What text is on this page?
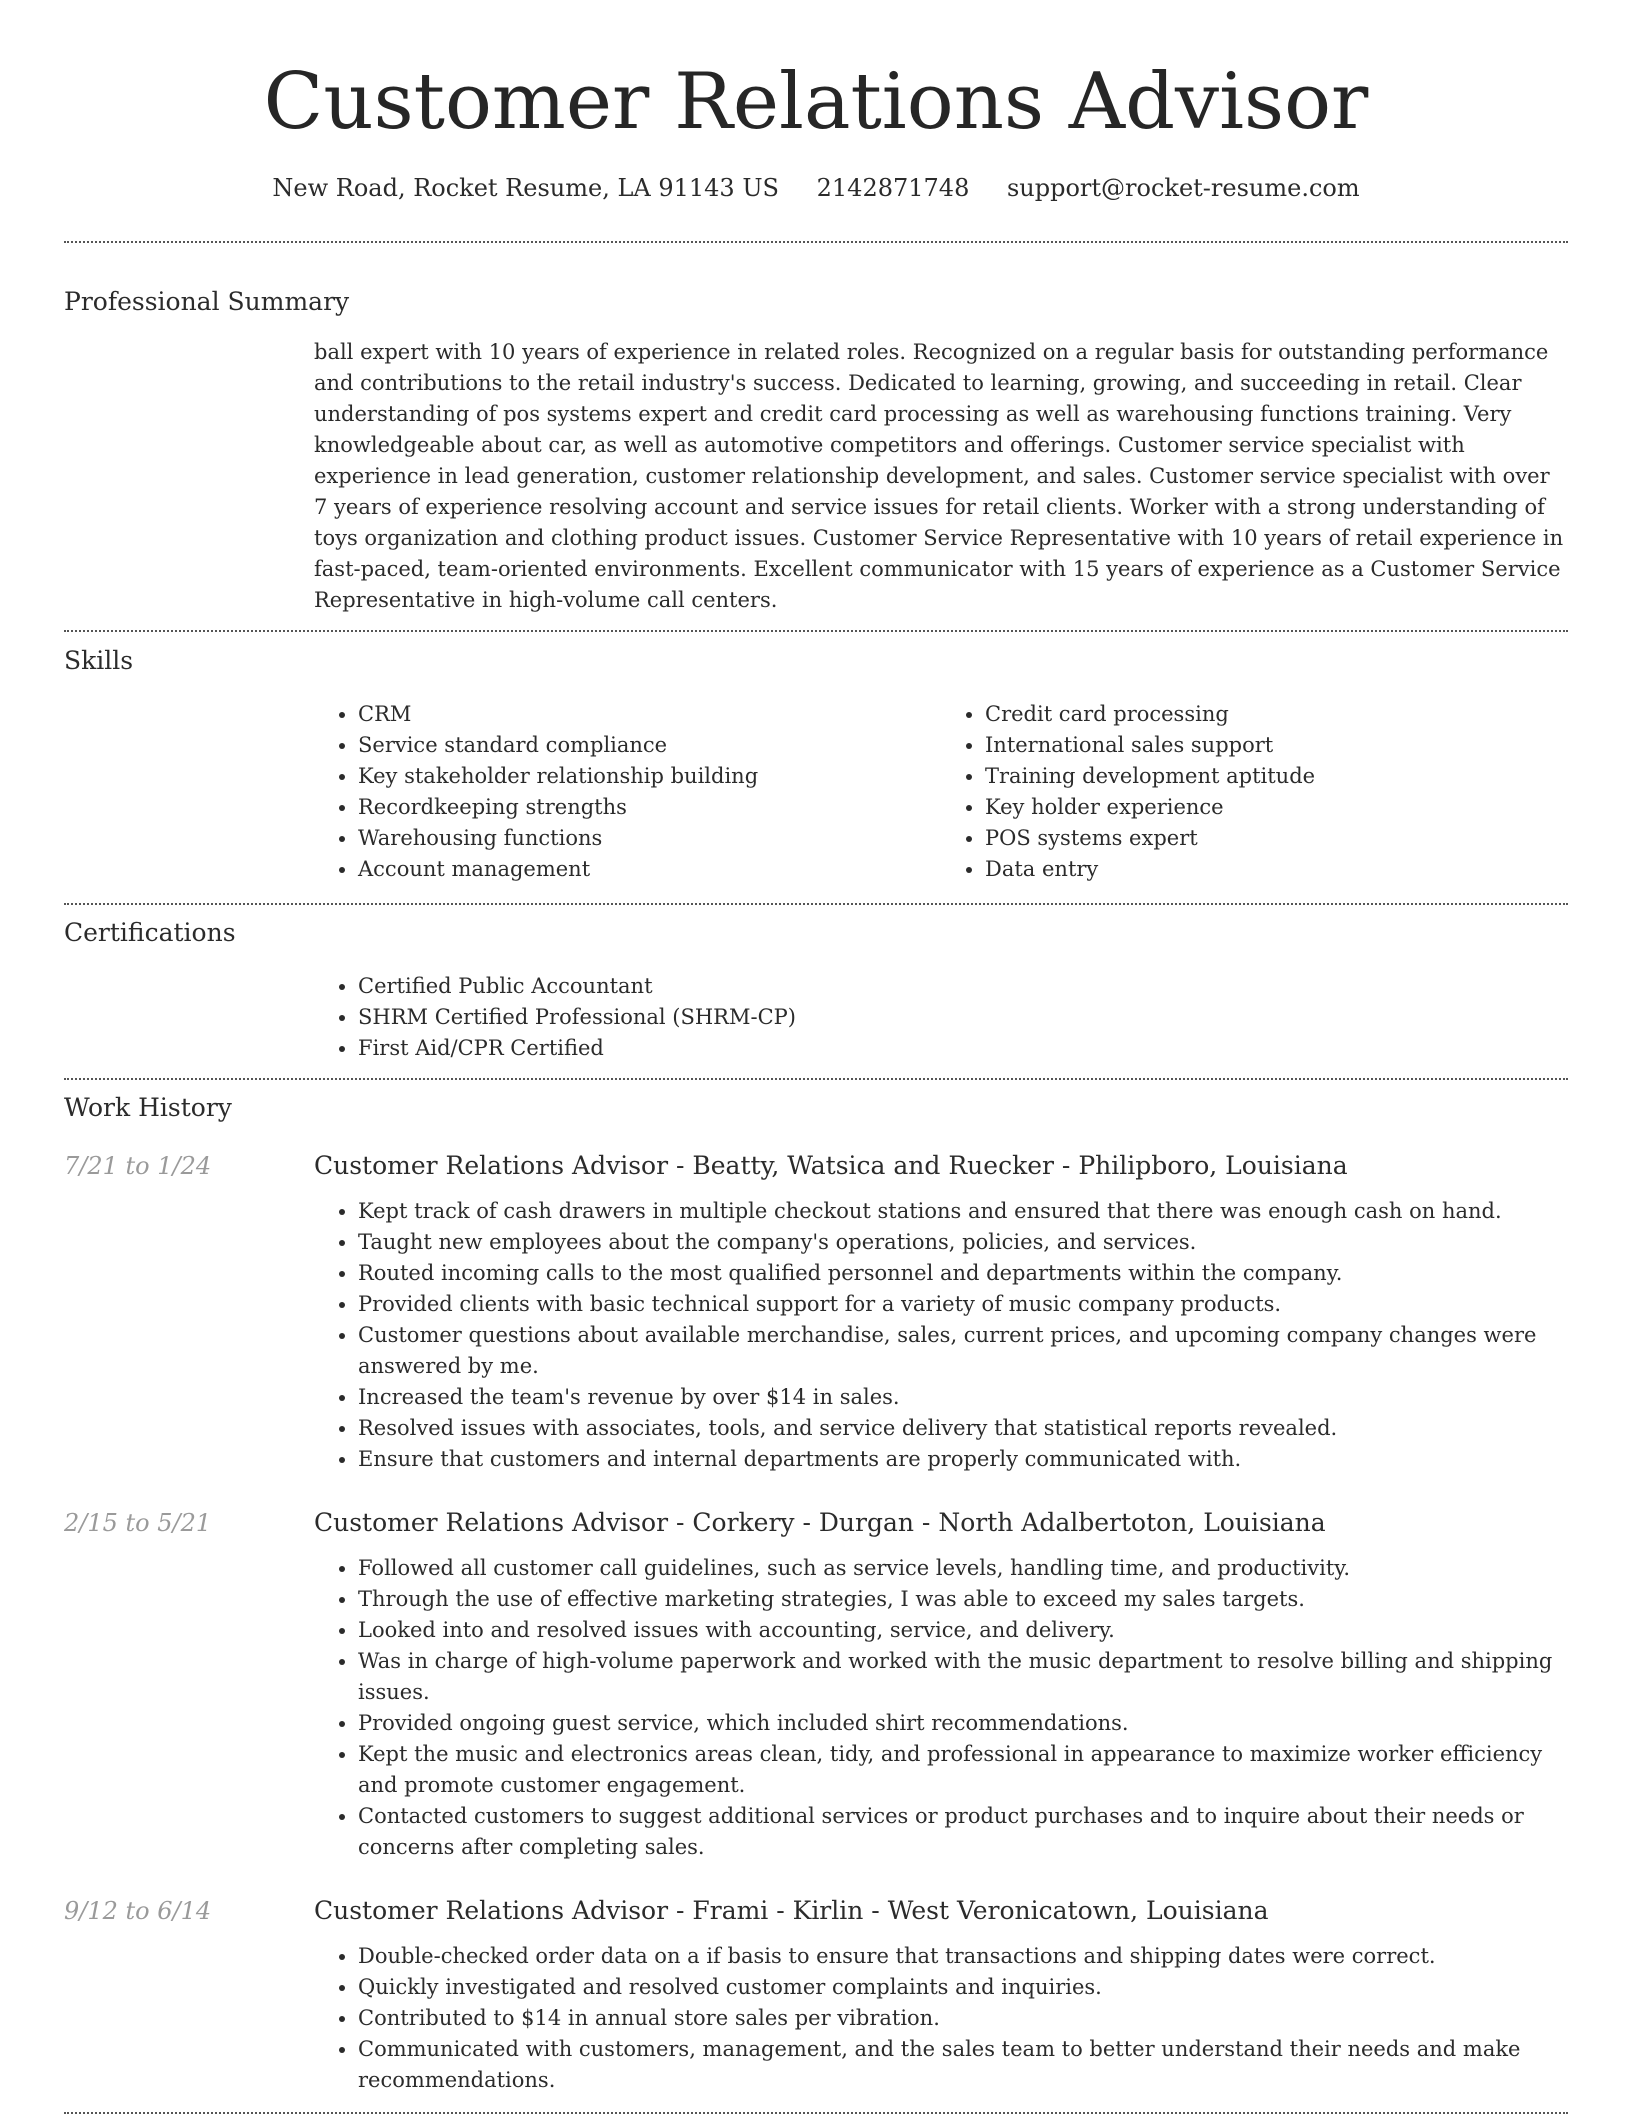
Customer Relations Advisor
New Road, Rocket Resume, LA 91143 US 2142871748 support@rocket-resume.com
Professional Summary
ball expert with 10 years of experience in related roles. Recognized on a regular basis for outstanding performance and contributions to the retail industry's success. Dedicated to learning, growing, and succeeding in retail. Clear understanding of pos systems expert and credit card processing as well as warehousing functions training. Very knowledgeable about car, as well as automotive competitors and offerings. Customer service specialist with experience in lead generation, customer relationship development, and sales. Customer service specialist with over 7 years of experience resolving account and service issues for retail clients. Worker with a strong understanding of toys organization and clothing product issues. Customer Service Representative with 10 years of retail experience in fast-paced, team-oriented environments. Excellent communicator with 15 years of experience as a Customer Service Representative in high-volume call centers.
Skills
• CRM
• Service standard compliance
• Key stakeholder relationship building
• Recordkeeping strengths
• Warehousing functions
• Account management
• Credit card processing
• International sales support
• Training development aptitude
• Key holder experience
• POS systems expert
• Data entry
Certifications
• Certified Public Accountant
• SHRM Certified Professional (SHRM-CP)
• First Aid/CPR Certified
Work History
7/21 to 1/24	Customer Relations Advisor - Beatty, Watsica and Ruecker - Philipboro, Louisiana
• Kept track of cash drawers in multiple checkout stations and ensured that there was enough cash on hand.
• Taught new employees about the company's operations, policies, and services.
• Routed incoming calls to the most qualified personnel and departments within the company.
• Provided clients with basic technical support for a variety of music company products.
• Customer questions about available merchandise, sales, current prices, and upcoming company changes were answered by me.
• Increased the team's revenue by over $14 in sales.
• Resolved issues with associates, tools, and service delivery that statistical reports revealed.
• Ensure that customers and internal departments are properly communicated with.
2/15 to 5/21	Customer Relations Advisor - Corkery - Durgan - North Adalbertoton, Louisiana
• Followed all customer call guidelines, such as service levels, handling time, and productivity.
• Through the use of effective marketing strategies, I was able to exceed my sales targets.
• Looked into and resolved issues with accounting, service, and delivery.
• Was in charge of high-volume paperwork and worked with the music department to resolve billing and shipping issues.
• Provided ongoing guest service, which included shirt recommendations.
• Kept the music and electronics areas clean, tidy, and professional in appearance to maximize worker efficiency and promote customer engagement.
• Contacted customers to suggest additional services or product purchases and to inquire about their needs or concerns after completing sales.
9/12 to 6/14	Customer Relations Advisor - Frami - Kirlin - West Veronicatown, Louisiana
• Double-checked order data on a if basis to ensure that transactions and shipping dates were correct.
• Quickly investigated and resolved customer complaints and inquiries.
• Contributed to $14 in annual store sales per vibration.
• Communicated with customers, management, and the sales team to better understand their needs and make recommendations.
